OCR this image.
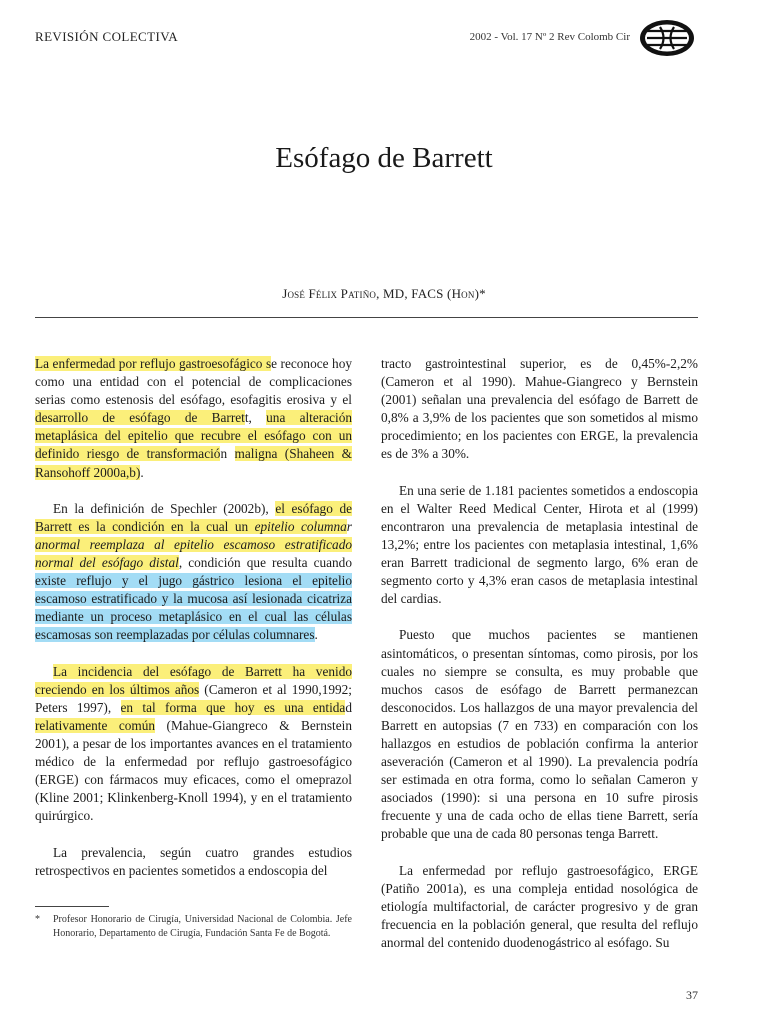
REVISIÓN COLECTIVA	2002 - Vol. 17 Nº 2 Rev Colomb Cir
Esófago de Barrett
José Félix Patiño, MD, FACS (Hon)*

La enfermedad por reflujo gastroesofágico se reconoce hoy como una entidad con el potencial de complicaciones serias como estenosis del esófago, esofagitis erosiva y el desarrollo de esófago de Barrett, una alteración metaplásica del epitelio que recubre el esófago con un definido riesgo de transformación maligna (Shaheen & Ransohoff 2000a,b).

En la definición de Spechler (2002b), el esófago de Barrett es la condición en la cual un epitelio columnar anormal reemplaza al epitelio escamoso estratificado normal del esófago distal, condición que resulta cuando existe reflujo y el jugo gástrico lesiona el epitelio escamoso estratificado y la mucosa así lesionada cicatriza mediante un proceso metaplásico en el cual las células escamosas son reemplazadas por células columnares.

La incidencia del esófago de Barrett ha venido creciendo en los últimos años (Cameron et al 1990,1992; Peters 1997), en tal forma que hoy es una entidad relativamente común (Mahue-Giangreco & Bernstein 2001), a pesar de los importantes avances en el tratamiento médico de la enfermedad por reflujo gastroesofágico (ERGE) con fármacos muy eficaces, como el omeprazol (Kline 2001; Klinkenberg-Knoll 1994), y en el tratamiento quirúrgico.

La prevalencia, según cuatro grandes estudios retrospectivos en pacientes sometidos a endoscopia del

tracto gastrointestinal superior, es de 0,45%-2,2% (Cameron et al 1990). Mahue-Giangreco y Bernstein (2001) señalan una prevalencia del esófago de Barrett de 0,8% a 3,9% de los pacientes que son sometidos al mismo procedimiento; en los pacientes con ERGE, la prevalencia es de 3% a 30%.

En una serie de 1.181 pacientes sometidos a endoscopia en el Walter Reed Medical Center, Hirota et al (1999) encontraron una prevalencia de metaplasia intestinal de 13,2%; entre los pacientes con metaplasia intestinal, 1,6% eran Barrett tradicional de segmento largo, 6% eran de segmento corto y 4,3% eran casos de metaplasia intestinal del cardias.

Puesto que muchos pacientes se mantienen asintomáticos, o presentan síntomas, como pirosis, por los cuales no siempre se consulta, es muy probable que muchos casos de esófago de Barrett permanezcan desconocidos. Los hallazgos de una mayor prevalencia del Barrett en autopsias (7 en 733) en comparación con los hallazgos en estudios de población confirma la anterior aseveración (Cameron et al 1990). La prevalencia podría ser estimada en otra forma, como lo señalan Cameron y asociados (1990): si una persona en 10 sufre pirosis frecuente y una de cada ocho de ellas tiene Barrett, sería probable que una de cada 80 personas tenga Barrett.

La enfermedad por reflujo gastroesofágico, ERGE (Patiño 2001a), es una compleja entidad nosológica de etiología multifactorial, de carácter progresivo y de gran frecuencia en la población general, que resulta del reflujo anormal del contenido duodenogástrico al esófago. Su

* Profesor Honorario de Cirugía, Universidad Nacional de Colombia. Jefe Honorario, Departamento de Cirugía, Fundación Santa Fe de Bogotá.
37
